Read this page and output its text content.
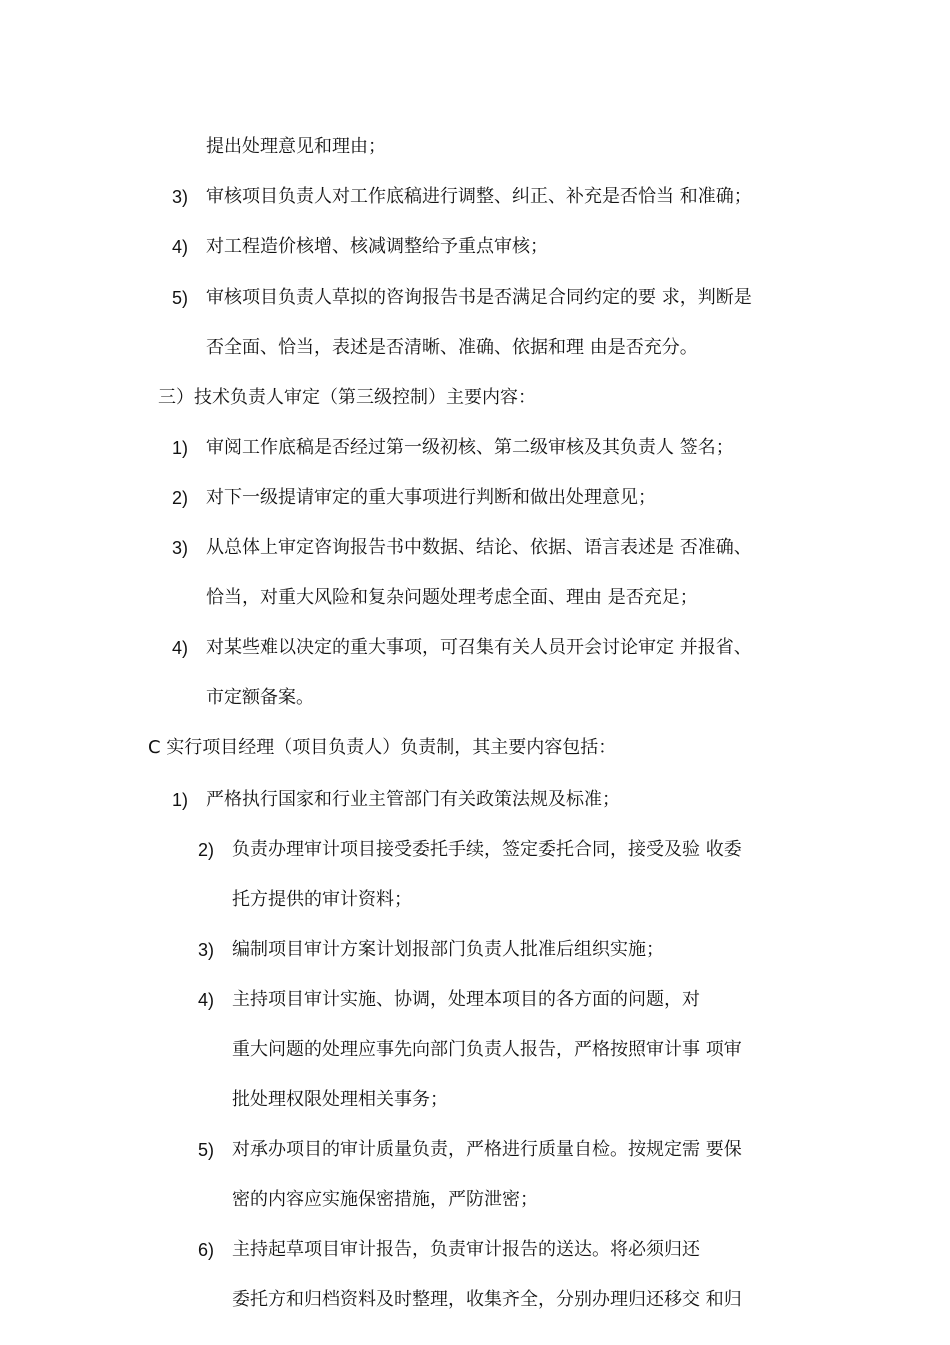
提出处理意见和理由；
3) 审核项目负责人对工作底稿进行调整、纠正、补充是否恰当 和准确；
4) 对工程造价核增、核减调整给予重点审核；
5) 审核项目负责人草拟的咨询报告书是否满足合同约定的要 求，判断是
否全面、恰当，表述是否清晰、准确、依据和理 由是否充分。
三）技术负责人审定（第三级控制）主要内容：
1) 审阅工作底稿是否经过第一级初核、第二级审核及其负责人 签名；
2) 对下一级提请审定的重大事项进行判断和做出处理意见；
3) 从总体上审定咨询报告书中数据、结论、依据、语言表述是 否准确、
恰当，对重大风险和复杂问题处理考虑全面、理由 是否充足；
4) 对某些难以决定的重大事项，可召集有关人员开会讨论审定 并报省、
市定额备案。
C 实行项目经理（项目负责人）负责制，其主要内容包括：
1) 严格执行国家和行业主管部门有关政策法规及标准；
2) 负责办理审计项目接受委托手续，签定委托合同，接受及验 收委
托方提供的审计资料；
3) 编制项目审计方案计划报部门负责人批准后组织实施；
4) 主持项目审计实施、协调，处理本项目的各方面的问题，对
重大问题的处理应事先向部门负责人报告，严格按照审计事 项审
批处理权限处理相关事务；
5) 对承办项目的审计质量负责，严格进行质量自检。按规定需 要保
密的内容应实施保密措施，严防泄密；
6) 主持起草项目审计报告，负责审计报告的送达。将必须归还
委托方和归档资料及时整理，收集齐全，分别办理归还移交 和归
